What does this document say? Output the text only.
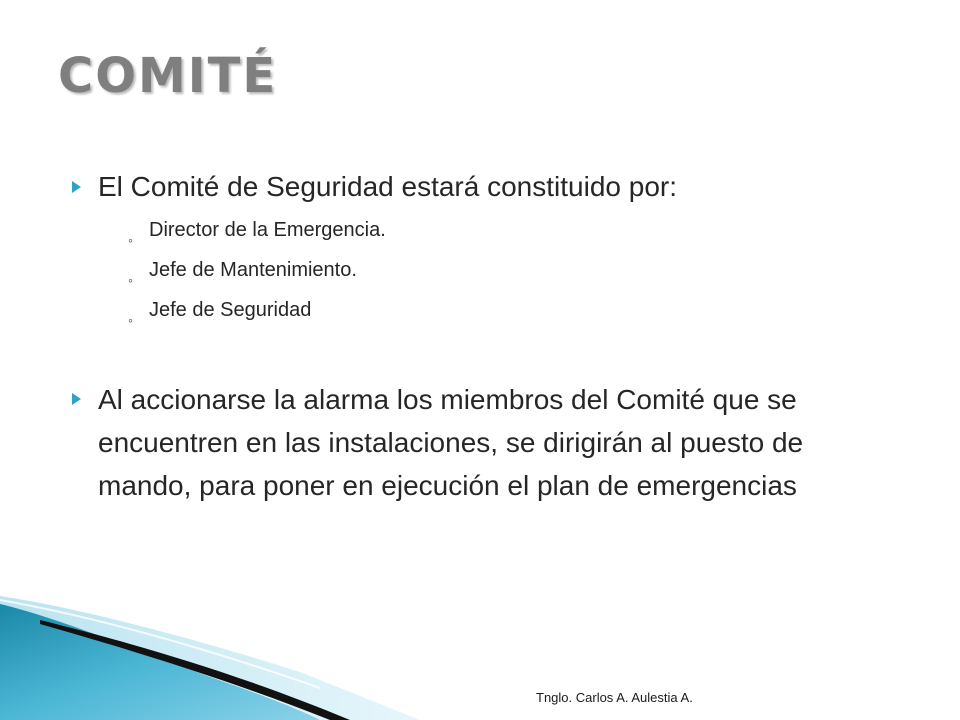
COMITÉ
El Comité de Seguridad estará constituido por:
◦ Director de la Emergencia.
◦ Jefe de Mantenimiento.
◦ Jefe de Seguridad
Al accionarse la alarma los miembros del Comité que se encuentren en las instalaciones, se dirigirán al puesto de mando, para poner en ejecución el plan de emergencias
Tnglo. Carlos A. Aulestia A.
